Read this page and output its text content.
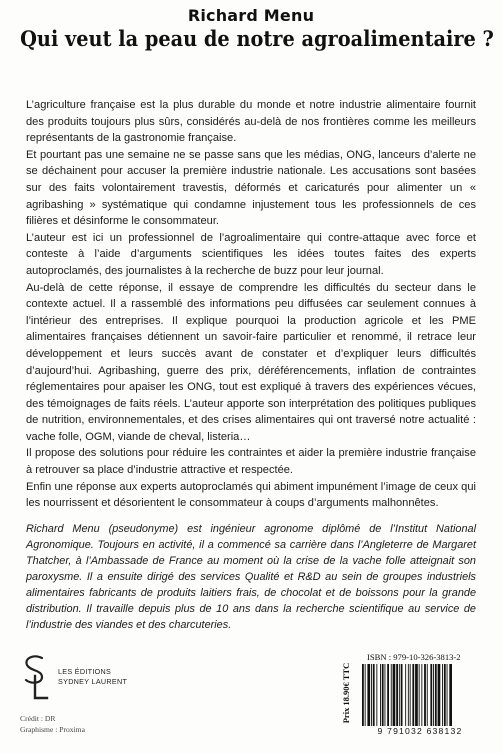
Richard Menu
Qui veut la peau de notre agroalimentaire ?

L’agriculture française est la plus durable du monde et notre industrie alimentaire fournit des produits toujours plus sûrs, considérés au-delà de nos frontières comme les meilleurs représentants de la gastronomie française.

Et pourtant pas une semaine ne se passe sans que les médias, ONG, lanceurs d’alerte ne se déchainent pour accuser la première industrie nationale. Les accusations sont basées sur des faits volontairement travestis, déformés et caricaturés pour alimenter un « agribashing » systématique qui condamne injustement tous les professionnels de ces filières et désinforme le consommateur.

L’auteur est ici un professionnel de l’agroalimentaire qui contre-attaque avec force et conteste à l’aide d’arguments scientifiques les idées toutes faites des experts autoproclamés, des journalistes à la recherche de buzz pour leur journal.

Au-delà de cette réponse, il essaye de comprendre les difficultés du secteur dans le contexte actuel. Il a rassemblé des informations peu diffusées car seulement connues à l’intérieur des entreprises. Il explique pourquoi la production agricole et les PME alimentaires françaises détiennent un savoir-faire particulier et renommé, il retrace leur développement et leurs succès avant de constater et d’expliquer leurs difficultés d’aujourd’hui. Agribashing, guerre des prix, déréférencements, inflation de contraintes réglementaires pour apaiser les ONG, tout est expliqué à travers des expériences vécues, des témoignages de faits réels. L’auteur apporte son interprétation des politiques publiques de nutrition, environnementales, et des crises alimentaires qui ont traversé notre actualité : vache folle, OGM, viande de cheval, listeria…

Il propose des solutions pour réduire les contraintes et aider la première industrie française à retrouver sa place d’industrie attractive et respectée.

Enfin une réponse aux experts autoproclamés qui abiment impunément l’image de ceux qui les nourrissent et désorientent le consommateur à coups d’arguments malhonnêtes.

Richard Menu (pseudonyme) est ingénieur agronome diplômé de l’Institut National Agronomique. Toujours en activité, il a commencé sa carrière dans l’Angleterre de Margaret Thatcher, à l’Ambassade de France au moment où la crise de la vache folle atteignait son paroxysme. Il a ensuite dirigé des services Qualité et R&D au sein de groupes industriels alimentaires fabricants de produits laitiers frais, de chocolat et de boissons pour la grande distribution. Il travaille depuis plus de 10 ans dans la recherche scientifique au service de l’industrie des viandes et des charcuteries.

LES ÉDITIONS
SYDNEY LAURENT
Crédit : DR
Graphisme : Proxima
Prix 18.90€ TTC
ISBN : 979-10-326-3813-2
9 791032 638132
